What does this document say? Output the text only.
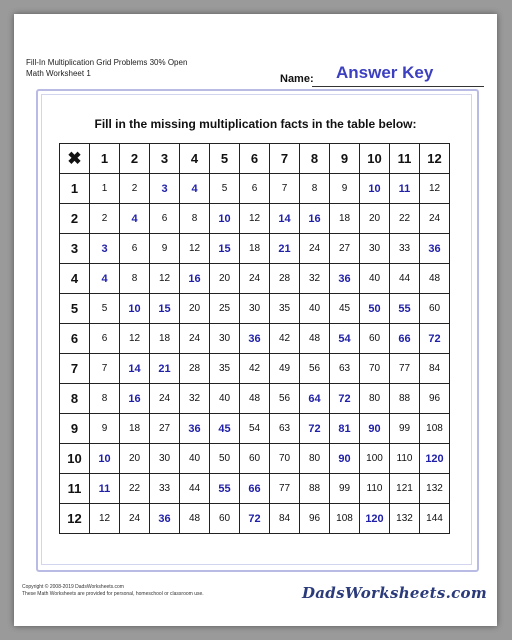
Fill-In Multiplication Grid Problems 30% Open
Math Worksheet 1	Name: Answer Key
Fill in the missing multiplication facts in the table below:
✖	1	2	3	4	5	6	7	8	9	10	11	12
1	1	2	3	4	5	6	7	8	9	10	11	12
2	2	4	6	8	10	12	14	16	18	20	22	24
3	3	6	9	12	15	18	21	24	27	30	33	36
4	4	8	12	16	20	24	28	32	36	40	44	48
5	5	10	15	20	25	30	35	40	45	50	55	60
6	6	12	18	24	30	36	42	48	54	60	66	72
7	7	14	21	28	35	42	49	56	63	70	77	84
8	8	16	24	32	40	48	56	64	72	80	88	96
9	9	18	27	36	45	54	63	72	81	90	99	108
10	10	20	30	40	50	60	70	80	90	100	110	120
11	11	22	33	44	55	66	77	88	99	110	121	132
12	12	24	36	48	60	72	84	96	108	120	132	144
Copyright © 2008-2019 DadsWorksheets.com
These Math Worksheets are provided for personal, homeschool or classroom use.	DadsWorksheets.com
